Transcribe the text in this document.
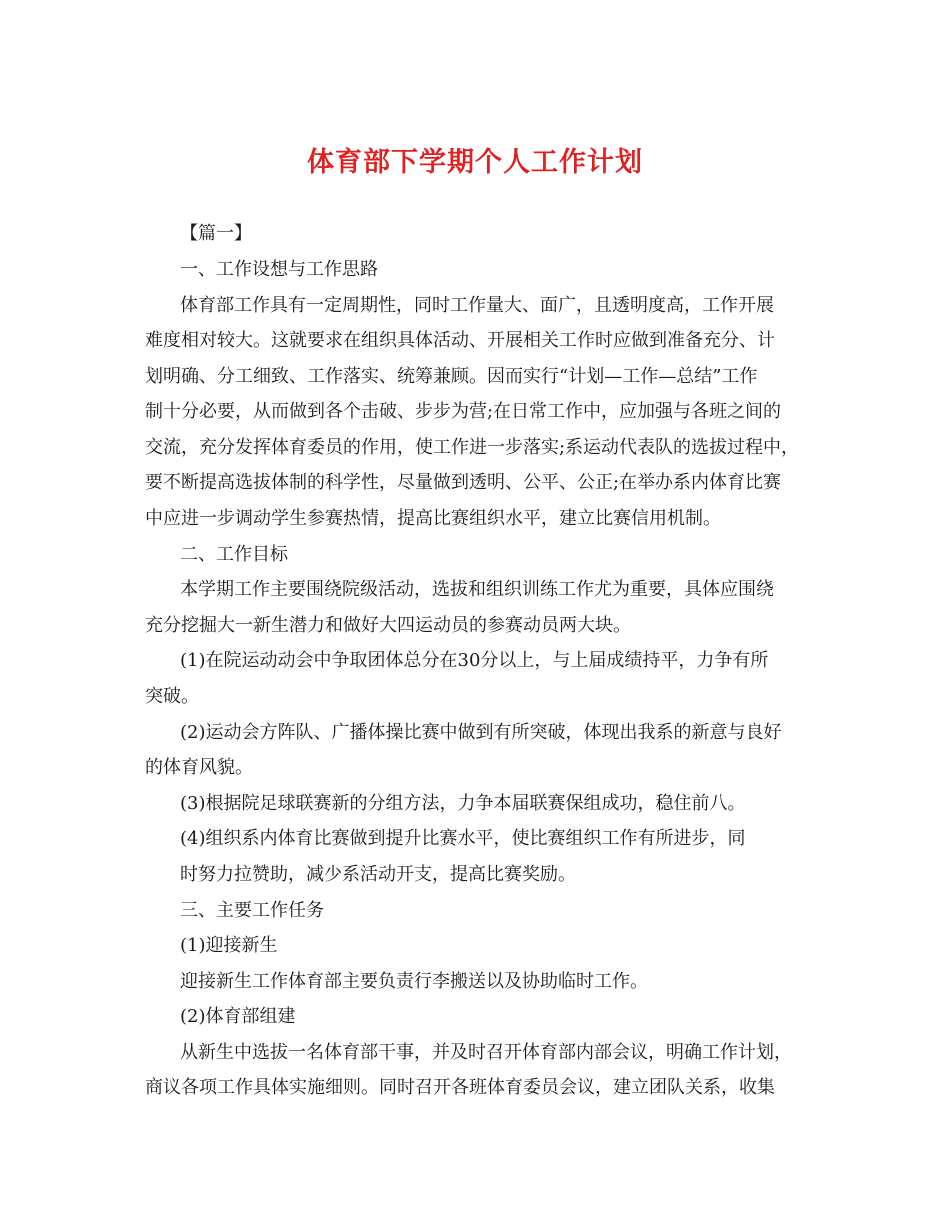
体育部下学期个人工作计划
【篇一】
一、工作设想与工作思路
体育部工作具有一定周期性，同时工作量大、面广，且透明度高，工作开展
难度相对较大。这就要求在组织具体活动、开展相关工作时应做到准备充分、计
划明确、分工细致、工作落实、统筹兼顾。因而实行“计划—工作—总结”工作
制十分必要，从而做到各个击破、步步为营;在日常工作中，应加强与各班之间的
交流，充分发挥体育委员的作用，使工作进一步落实;系运动代表队的选拔过程中，
要不断提高选拔体制的科学性，尽量做到透明、公平、公正;在举办系内体育比赛
中应进一步调动学生参赛热情，提高比赛组织水平，建立比赛信用机制。
二、工作目标
本学期工作主要围绕院级活动，选拔和组织训练工作尤为重要，具体应围绕
充分挖掘大一新生潜力和做好大四运动员的参赛动员两大块。
(1)在院运动动会中争取团体总分在30分以上，与上届成绩持平，力争有所
突破。
(2)运动会方阵队、广播体操比赛中做到有所突破，体现出我系的新意与良好
的体育风貌。
(3)根据院足球联赛新的分组方法，力争本届联赛保组成功，稳住前八。
(4)组织系内体育比赛做到提升比赛水平，使比赛组织工作有所进步，同
时努力拉赞助，减少系活动开支，提高比赛奖励。
三、主要工作任务
(1)迎接新生
迎接新生工作体育部主要负责行李搬送以及协助临时工作。
(2)体育部组建
从新生中选拔一名体育部干事，并及时召开体育部内部会议，明确工作计划，
商议各项工作具体实施细则。同时召开各班体育委员会议，建立团队关系，收集
